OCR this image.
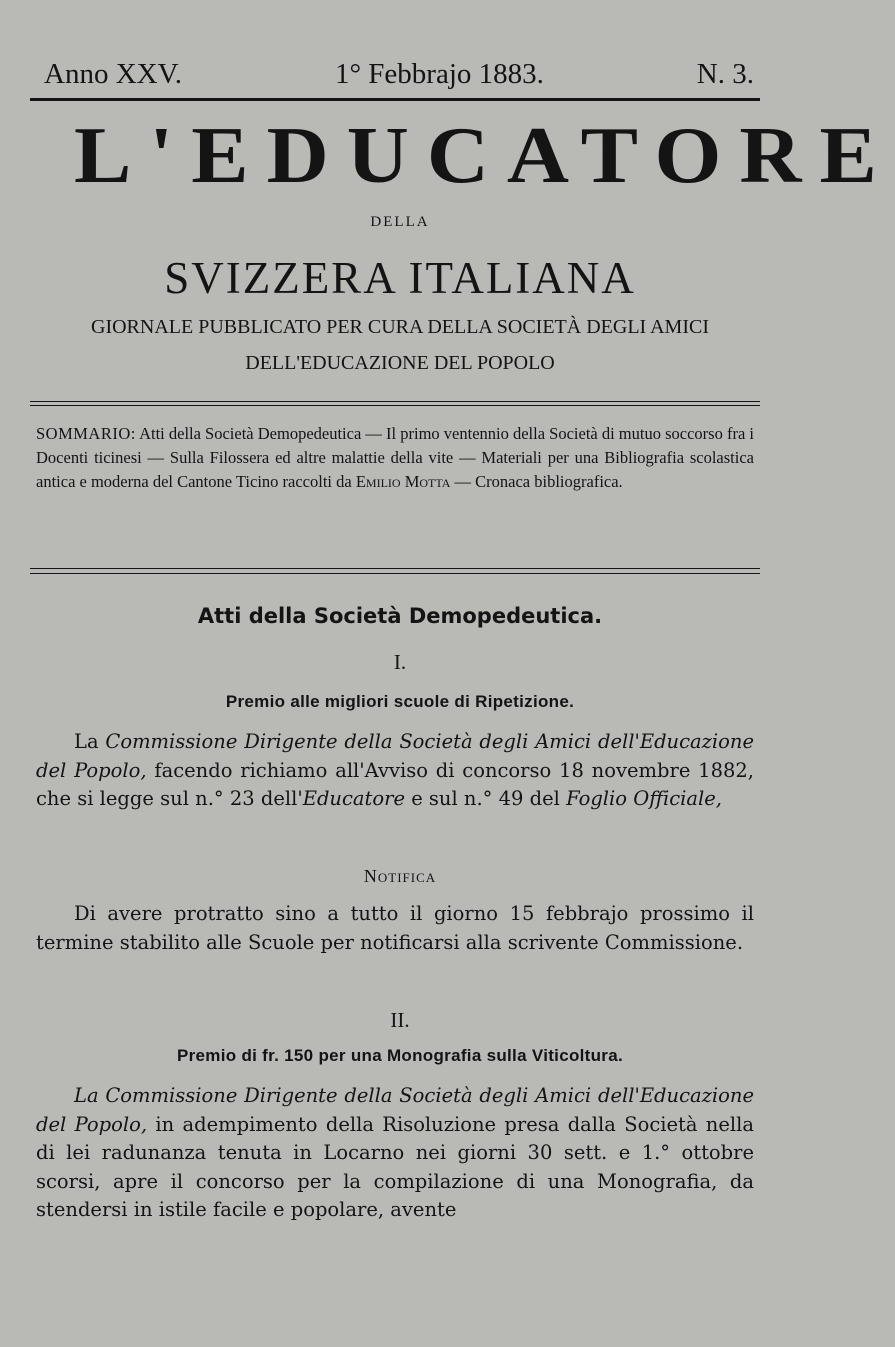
Anno XXV.	1° Febbrajo 1883.	N. 3.
L'EDUCATORE
DELLA
SVIZZERA ITALIANA
GIORNALE PUBBLICATO PER CURA DELLA SOCIETÀ DEGLI AMICI
DELL'EDUCAZIONE DEL POPOLO
SOMMARIO: Atti della Società Demopedeutica — Il primo ventennio della Società di mutuo soccorso fra i Docenti ticinesi — Sulla Filossera ed altre malattie della vite — Materiali per una Bibliografia scolastica antica e moderna del Cantone Ticino raccolti da Emilio Motta — Cronaca bibliografica.
Atti della Società Demopedeutica.
I.
Premio alle migliori scuole di Ripetizione.
La Commissione Dirigente della Società degli Amici dell'Educazione del Popolo, facendo richiamo all'Avviso di concorso 18 novembre 1882, che si legge sul n.° 23 dell'Educatore e sul n.° 49 del Foglio Officiale,
Notifica
Di avere protratto sino a tutto il giorno 15 febbrajo prossimo il termine stabilito alle Scuole per notificarsi alla scrivente Commissione.
II.
Premio di fr. 150 per una Monografia sulla Viticoltura.
La Commissione Dirigente della Società degli Amici dell'Educazione del Popolo, in adempimento della Risoluzione presa dalla Società nella di lei radunanza tenuta in Locarno nei giorni 30 sett. e 1.° ottobre scorsi, apre il concorso per la compilazione di una Monografia, da stendersi in istile facile e popolare, avente
